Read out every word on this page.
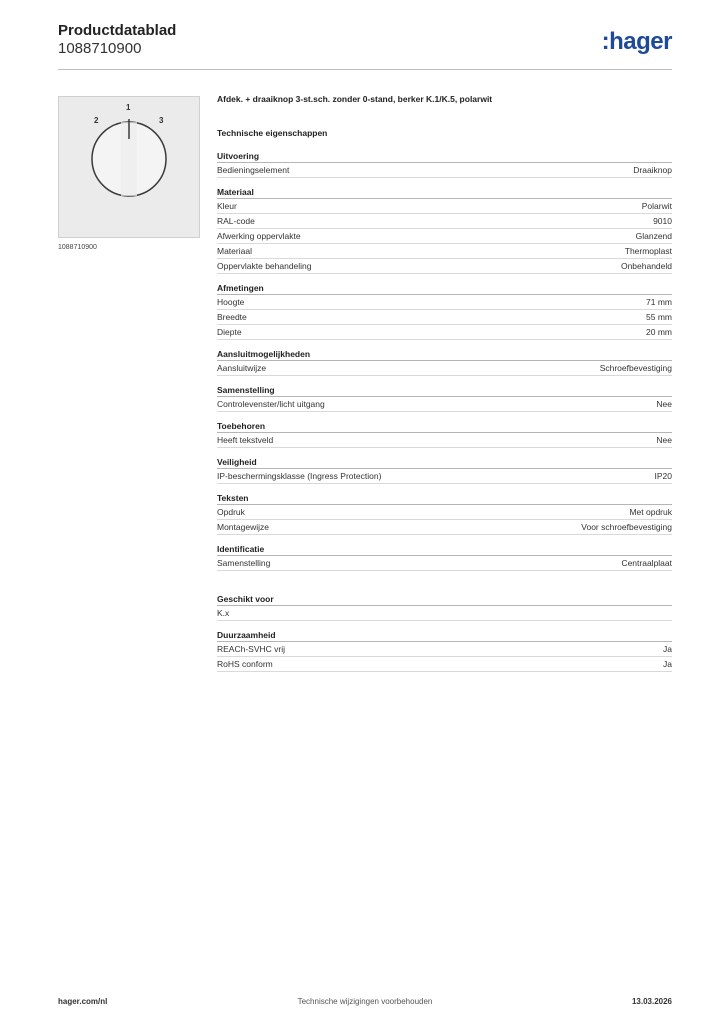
Productdatablad
1088710900	:hager
1
2	3
1088710900
Afdek. + draaiknop 3-st.sch. zonder 0-stand, berker K.1/K.5, polarwit
Technische eigenschappen
Uitvoering
Bedieningselement	Draaiknop
Materiaal
Kleur	Polarwit
RAL-code	9010
Afwerking oppervlakte	Glanzend
Materiaal	Thermoplast
Oppervlakte behandeling	Onbehandeld
Afmetingen
Hoogte	71 mm
Breedte	55 mm
Diepte	20 mm
Aansluitmogelijkheden
Aansluitwijze	Schroefbevestiging
Samenstelling
Controlevenster/licht uitgang	Nee
Toebehoren
Heeft tekstveld	Nee
Veiligheid
IP-beschermingsklasse (Ingress Protection)	IP20
Teksten
Opdruk	Met opdruk
Montagewijze	Voor schroefbevestiging
Identificatie
Samenstelling	Centraalplaat
Geschikt voor
K.x
Duurzaamheid
REACh-SVHC vrij	Ja
RoHS conform	Ja
hager.com/nl	Technische wijzigingen voorbehouden	13.03.2026
